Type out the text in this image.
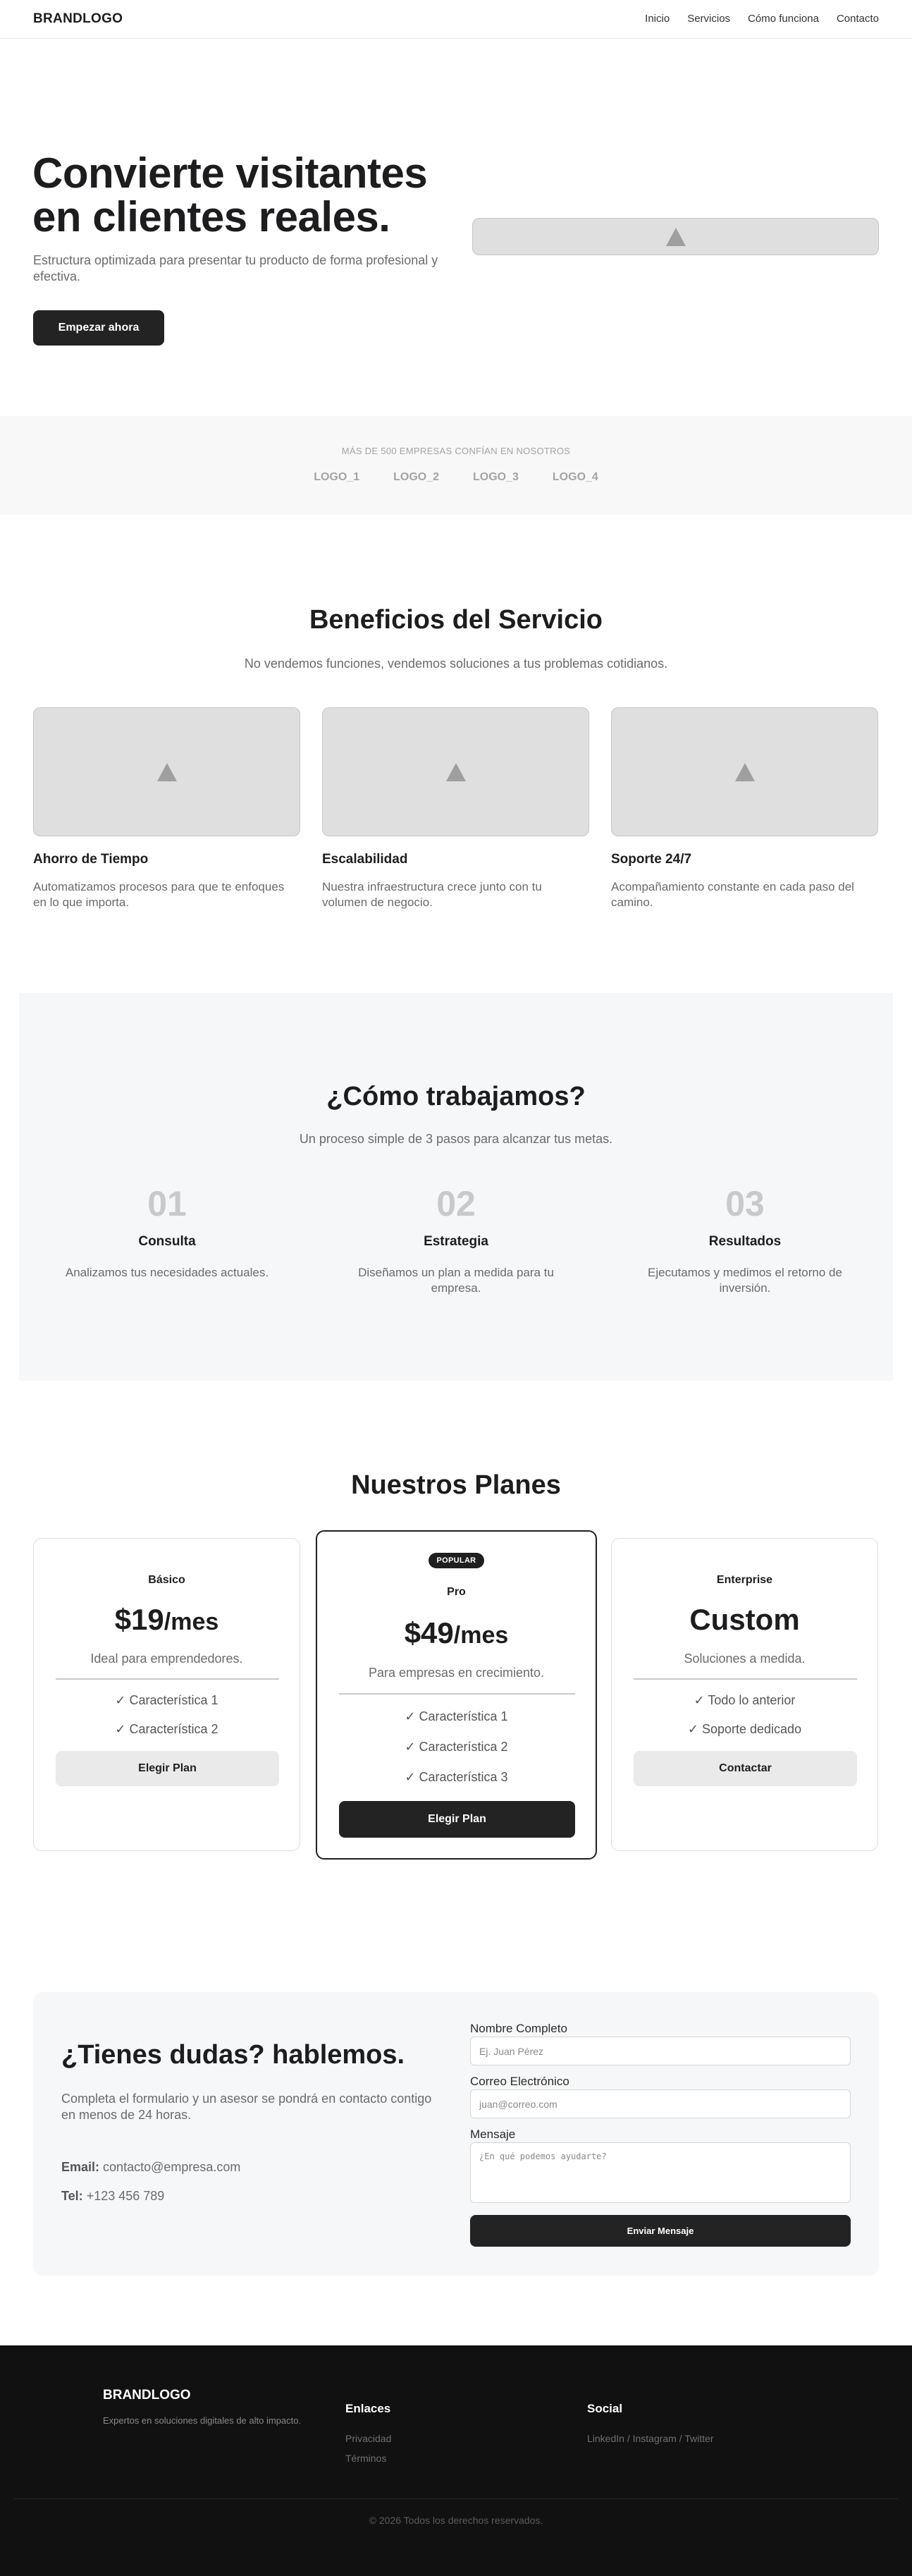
BRANDLOGO	Inicio Servicios Cómo funciona Contacto
Convierte visitantes
en clientes reales.

Estructura optimizada para presentar tu producto de forma profesional y efectiva.

Empezar ahora
MÁS DE 500 EMPRESAS CONFÍAN EN NOSOTROS
LOGO_1	LOGO_2	LOGO_3	LOGO_4
Beneficios del Servicio

No vendemos funciones, vendemos soluciones a tus problemas cotidianos.

Ahorro de Tiempo

Automatizamos procesos para que te enfoques en lo que importa.

Escalabilidad

Nuestra infraestructura crece junto con tu volumen de negocio.

Soporte 24/7

Acompañamiento constante en cada paso del camino.

¿Cómo trabajamos?

Un proceso simple de 3 pasos para alcanzar tus metas.

01
Consulta

Analizamos tus necesidades actuales.

02
Estrategia

Diseñamos un plan a medida para tu empresa.

03
Resultados

Ejecutamos y medimos el retorno de inversión.

Nuestros Planes
Básico
$19/mes
Ideal para emprendedores.
✓ Característica 1
✓ Característica 2
Elegir Plan
POPULAR
Pro
$49/mes
Para empresas en crecimiento.
✓ Característica 1
✓ Característica 2
✓ Característica 3
Elegir Plan
Enterprise
Custom
Soluciones a medida.
✓ Todo lo anterior
✓ Soporte dedicado
Contactar
¿Tienes dudas? hablemos.

Completa el formulario y un asesor se pondrá en contacto contigo en menos de 24 horas.

Email: contacto@empresa.com
Tel: +123 456 789
Nombre Completo
Ej. Juan Pérez
Correo Electrónico
juan@correo.com
Mensaje
¿En qué podemos ayudarte?
Enviar Mensaje
BRANDLOGO
Expertos en soluciones digitales de alto impacto.
Enlaces
Privacidad
Términos
Social
LinkedIn / Instagram / Twitter
© 2026 Todos los derechos reservados.
